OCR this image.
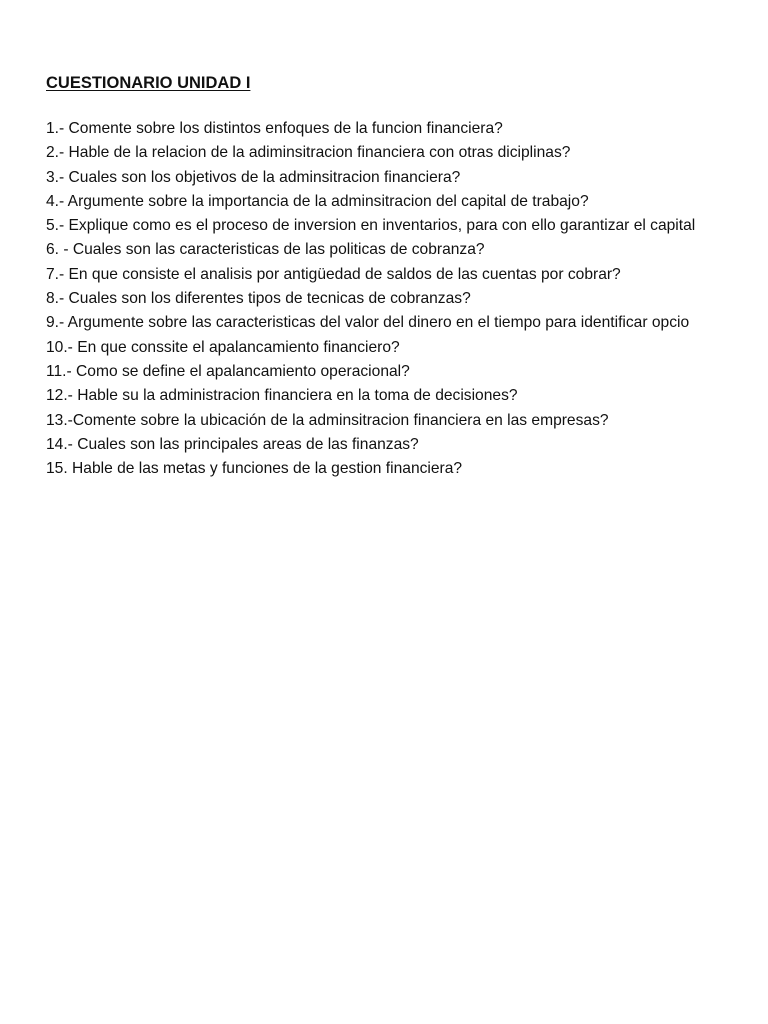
CUESTIONARIO UNIDAD I
1.- Comente sobre los distintos enfoques de la funcion financiera?
2.- Hable de la relacion de la adiminsitracion financiera con otras diciplinas?
3.- Cuales son los objetivos de la adminsitracion financiera?
4.- Argumente sobre la importancia de la adminsitracion del capital de trabajo?
5.- Explique como es el proceso de inversion en inventarios, para con ello garantizar el capital
6. - Cuales son las caracteristicas de las politicas de cobranza?
7.- En que consiste el analisis por antigüedad de saldos de las cuentas por cobrar?
8.- Cuales son los diferentes tipos de tecnicas de cobranzas?
9.- Argumente sobre las caracteristicas del valor del dinero en el tiempo para identificar opcio
10.- En que conssite el apalancamiento financiero?
11.- Como se define el apalancamiento operacional?
12.- Hable su la administracion financiera en la toma de decisiones?
13.-Comente sobre la ubicación de la adminsitracion financiera en las empresas?
14.- Cuales son las principales areas de las finanzas?
15. Hable de las metas y funciones de la gestion financiera?
